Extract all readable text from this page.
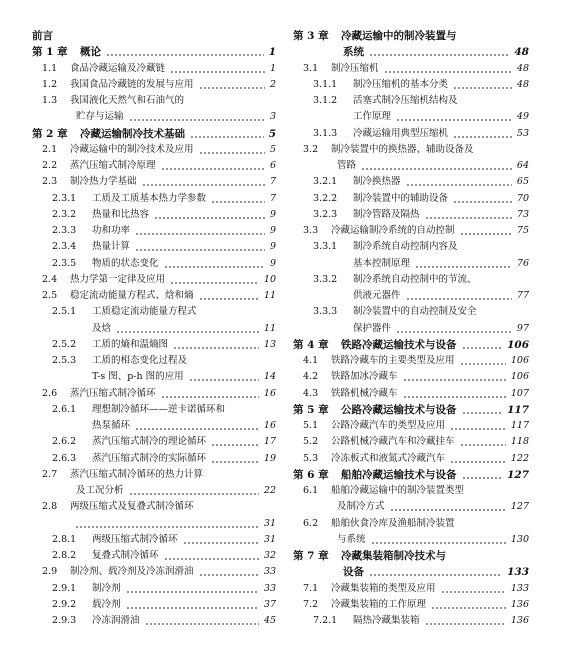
前言
第 1 章 概论	1
1.1 食品冷藏运输及冷藏链	1
1.2 我国食品冷藏链的发展与应用	2
1.3 我国液化天然气和石油气的
贮存与运输	3
第 2 章 冷藏运输制冷技术基础	5
2.1 冷藏运输中的制冷技术及应用	5
2.2 蒸汽压缩式制冷原理	6
2.3 制冷热力学基础	7
2.3.1 工质及工质基本热力学参数	7
2.3.2 热量和比热容	9
2.3.3 功和功率	9
2.3.4 热量计算	9
2.3.5 物质的状态变化	9
2.4 热力学第一定律及应用	10
2.5 稳定流动能量方程式、焓和熵	11
2.5.1 工质稳定流动能量方程式
及焓	11
2.5.2 工质的熵和温熵图	13
2.5.3 工质的相态变化过程及
T-s 图、p-h 图的应用	14
2.6 蒸汽压缩式制冷循环	16
2.6.1 理想制冷循环——逆卡诺循环和
热泵循环	16
2.6.2 蒸汽压缩式制冷的理论循环	17
2.6.3 蒸汽压缩式制冷的实际循环	19
2.7 蒸汽压缩式制冷循环的热力计算
及工况分析	22
2.8 两级压缩式及复叠式制冷循环
31
2.8.1 两级压缩式制冷循环	31
2.8.2 复叠式制冷循环	32
2.9 制冷剂、载冷剂及冷冻润滑油	33
2.9.1 制冷剂	33
2.9.2 载冷剂	37
2.9.3 冷冻润滑油	45
第 3 章 冷藏运输中的制冷装置与
系统	48
3.1 制冷压缩机	48
3.1.1 制冷压缩机的基本分类	48
3.1.2 活塞式制冷压缩机结构及
工作原理	49
3.1.3 冷藏运输用典型压缩机	53
3.2 制冷装置中的换热器、辅助设备及
管路	64
3.2.1 制冷换热器	65
3.2.2 制冷装置中的辅助设备	70
3.2.3 制冷管路及隔热	73
3.3 冷藏运输制冷系统的自动控制	75
3.3.1 制冷系统自动控制内容及
基本控制原理	76
3.3.2 制冷系统自动控制中的节流、
供液元器件	77
3.3.3 制冷装置中的自动控制及安全
保护器件	97
第 4 章 铁路冷藏运输技术与设备	106
4.1 铁路冷藏车的主要类型及应用	106
4.2 铁路加冰冷藏车	106
4.3 铁路机械冷藏车	107
第 5 章 公路冷藏运输技术与设备	117
5.1 公路冷藏汽车的类型及应用	117
5.2 公路机械冷藏汽车和冷藏挂车	118
5.3 冷冻板式和液氮式冷藏汽车	122
第 6 章 船舶冷藏运输技术与设备	127
6.1 船舶冷藏运输中的制冷装置类型
及制冷方式	127
6.2 船舶伙食冷库及渔船制冷装置
与系统	130
第 7 章 冷藏集装箱制冷技术与
设备	133
7.1 冷藏集装箱的类型及应用	133
7.2 冷藏集装箱的工作原理	136
7.2.1 隔热冷藏集装箱	136
